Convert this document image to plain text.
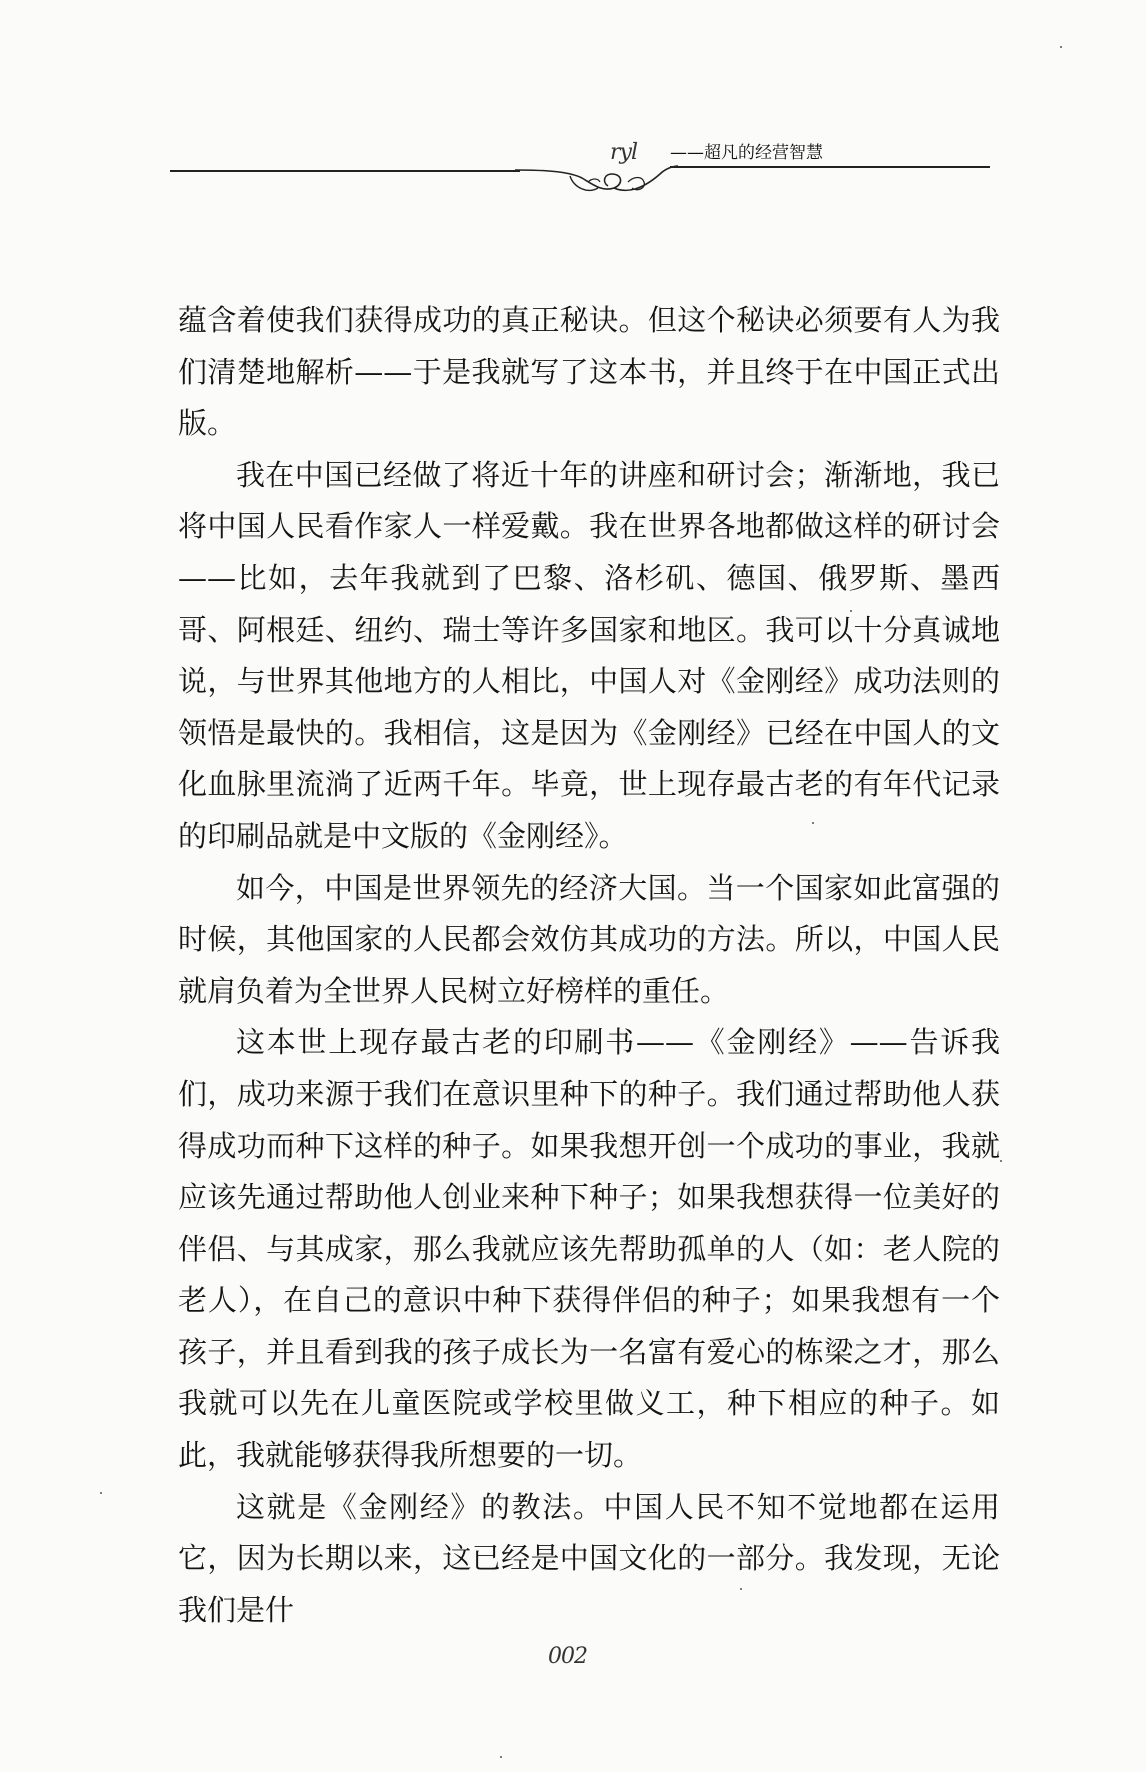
ryl ——超凡的经营智慧

蕴含着使我们获得成功的真正秘诀。但这个秘诀必须要有人为我们清楚地解析——于是我就写了这本书，并且终于在中国正式出版。

我在中国已经做了将近十年的讲座和研讨会；渐渐地，我已将中国人民看作家人一样爱戴。我在世界各地都做这样的研讨会——比如，去年我就到了巴黎、洛杉矶、德国、俄罗斯、墨西哥、阿根廷、纽约、瑞士等许多国家和地区。我可以十分真诚地说，与世界其他地方的人相比，中国人对《金刚经》成功法则的领悟是最快的。我相信，这是因为《金刚经》已经在中国人的文化血脉里流淌了近两千年。毕竟，世上现存最古老的有年代记录的印刷品就是中文版的《金刚经》。

如今，中国是世界领先的经济大国。当一个国家如此富强的时候，其他国家的人民都会效仿其成功的方法。所以，中国人民就肩负着为全世界人民树立好榜样的重任。

这本世上现存最古老的印刷书——《金刚经》——告诉我们，成功来源于我们在意识里种下的种子。我们通过帮助他人获得成功而种下这样的种子。如果我想开创一个成功的事业，我就应该先通过帮助他人创业来种下种子；如果我想获得一位美好的伴侣、与其成家，那么我就应该先帮助孤单的人（如：老人院的老人），在自己的意识中种下获得伴侣的种子；如果我想有一个孩子，并且看到我的孩子成长为一名富有爱心的栋梁之才，那么我就可以先在儿童医院或学校里做义工，种下相应的种子。如此，我就能够获得我所想要的一切。

这就是《金刚经》的教法。中国人民不知不觉地都在运用它，因为长期以来，这已经是中国文化的一部分。我发现，无论我们是什

002
